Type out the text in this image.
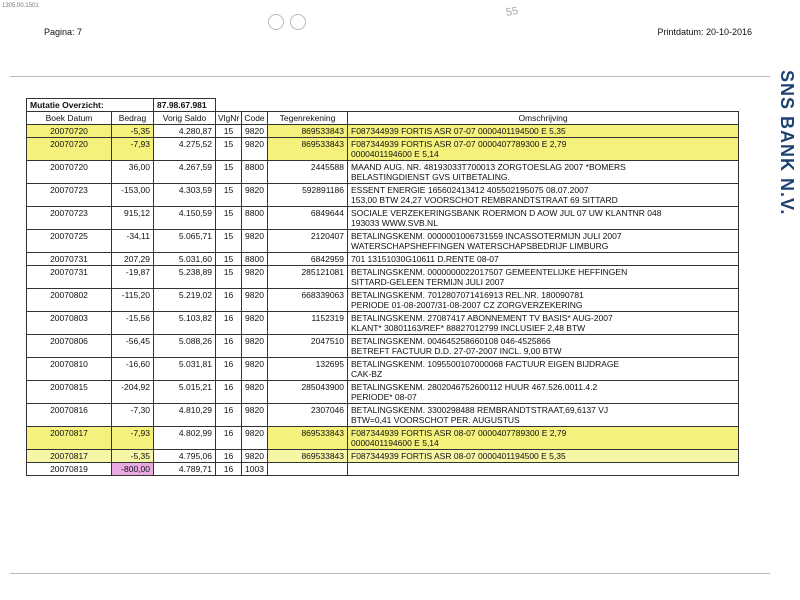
1305.00.1501	55
Pagina: 7	Printdatum: 20-10-2016
SNS BANK N.V.
Mutatie Overzicht:		87.98.67.981				
Boek Datum	Bedrag	Vorig Saldo	VlgNr	Code	Tegenrekening	Omschrijving
20070720	-5,35	4.280,87	15	9820	869533843	F087344939 FORTIS ASR 07-07 0000401194500 E 5,35
20070720	-7,93	4.275,52	15	9820	869533843	F087344939 FORTIS ASR 07-07 0000407789300 E 2,79
0000401194600 E 5,14
20070720	36,00	4.267,59	15	8800	2445588	MAAND AUG. NR. 48193033T700013 ZORGTOESLAG 2007 *BOMERS
BELASTINGDIENST GVS UITBETALING.
20070723	-153,00	4.303,59	15	9820	592891186	ESSENT ENERGIE 165602413412 405502195075 08.07.2007
153,00 BTW 24,27 VOORSCHOT REMBRANDTSTRAAT 69 SITTARD
20070723	915,12	4.150,59	15	8800	6849644	SOCIALE VERZEKERINGSBANK ROERMON D AOW JUL 07 UW KLANTNR 048
193033 WWW.SVB.NL
20070725	-34,11	5.065,71	15	9820	2120407	BETALINGSKENM. 0000001006731559 INCASSOTERMIJN JULI 2007
WATERSCHAPSHEFFINGEN WATERSCHAPSBEDRIJF LIMBURG
20070731	207,29	5.031,60	15	8800	6842959	701 13151030G10611 D.RENTE 08-07
20070731	-19,87	5.238,89	15	9820	285121081	BETALINGSKENM. 0000000022017507 GEMEENTELIJKE HEFFINGEN
SITTARD-GELEEN TERMIJN JULI 2007
20070802	-115,20	5.219,02	16	9820	668339063	BETALINGSKENM. 7012807071416913 REL.NR. 180090781
PERIODE 01-08-2007/31-08-2007 CZ ZORGVERZEKERING
20070803	-15,56	5.103,82	16	9820	1152319	BETALINGSKENM. 27087417 ABONNEMENT TV BASIS* AUG-2007
KLANT* 30801163/REF* 88827012799 INCLUSIEF 2,48 BTW
20070806	-56,45	5.088,26	16	9820	2047510	BETALINGSKENM. 004645258660108 046-4525866
BETREFT FACTUUR D.D. 27-07-2007 INCL. 9,00 BTW
20070810	-16,60	5.031,81	16	9820	132695	BETALINGSKENM. 1095500107000068 FACTUUR EIGEN BIJDRAGE
CAK-BZ
20070815	-204,92	5.015,21	16	9820	285043900	BETALINGSKENM. 2802046752600112 HUUR 467.526.0011.4.2
PERIODE* 08-07
20070816	-7,30	4.810,29	16	9820	2307046	BETALINGSKENM. 3300298488 REMBRANDTSTRAAT,69,6137 VJ
BTW=0,41 VOORSCHOT PER. AUGUSTUS
20070817	-7,93	4.802,99	16	9820	869533843	F087344939 FORTIS ASR 08-07 0000407789300 E 2,79
0000401194600 E 5,14
20070817	-5,35	4.795,06	16	9820	869533843	F087344939 FORTIS ASR 08-07 0000401194500 E 5,35
20070819	-800,00	4.789,71	16	1003		
